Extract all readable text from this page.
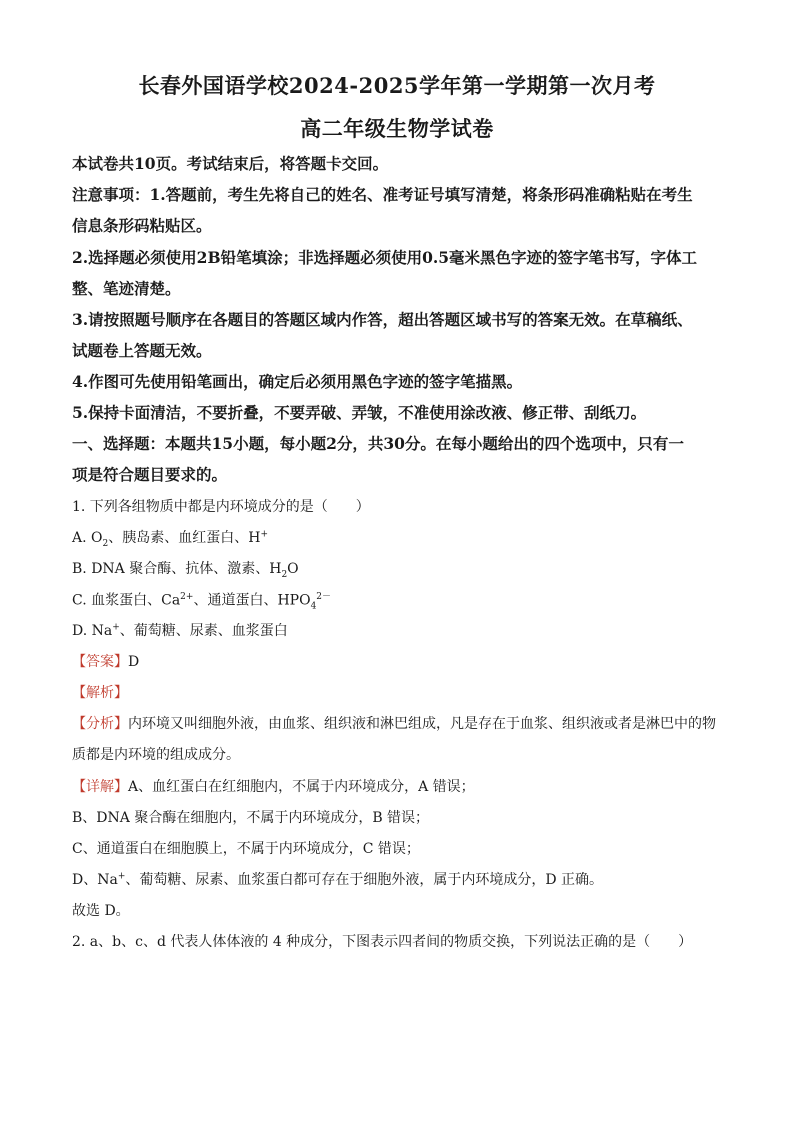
长春外国语学校2024-2025学年第一学期第一次月考
高二年级生物学试卷
本试卷共10页。考试结束后，将答题卡交回。
注意事项：1.答题前，考生先将自己的姓名、准考证号填写清楚，将条形码准确粘贴在考生
信息条形码粘贴区。
2.选择题必须使用2B铅笔填涂；非选择题必须使用0.5毫米黑色字迹的签字笔书写，字体工
整、笔迹清楚。
3.请按照题号顺序在各题目的答题区域内作答，超出答题区域书写的答案无效。在草稿纸、
试题卷上答题无效。
4.作图可先使用铅笔画出，确定后必须用黑色字迹的签字笔描黑。
5.保持卡面清洁，不要折叠，不要弄破、弄皱，不准使用涂改液、修正带、刮纸刀。
一、选择题：本题共15小题，每小题2分，共30分。在每小题给出的四个选项中，只有一
项是符合题目要求的。
1. 下列各组物质中都是内环境成分的是（　　）
A. $O_2$、胰岛素、血红蛋白、H+
B. DNA 聚合酶、抗体、激素、$H_2O$
C. 血浆蛋白、$Ca^{2+}$、通道蛋白、$HPO_4^{2-}$
D. Na+、葡萄糖、尿素、血浆蛋白
【答案】D
【解析】
【分析】内环境又叫细胞外液，由血浆、组织液和淋巴组成，凡是存在于血浆、组织液或者是淋巴中的物
质都是内环境的组成成分。
【详解】A、血红蛋白在红细胞内，不属于内环境成分，A 错误；
B、DNA 聚合酶在细胞内，不属于内环境成分，B 错误；
C、通道蛋白在细胞膜上，不属于内环境成分，C 错误；
D、Na+、葡萄糖、尿素、血浆蛋白都可存在于细胞外液，属于内环境成分，D 正确。
故选 D。
2. a、b、c、d 代表人体体液的 4 种成分，下图表示四者间的物质交换，下列说法正确的是（　　）
